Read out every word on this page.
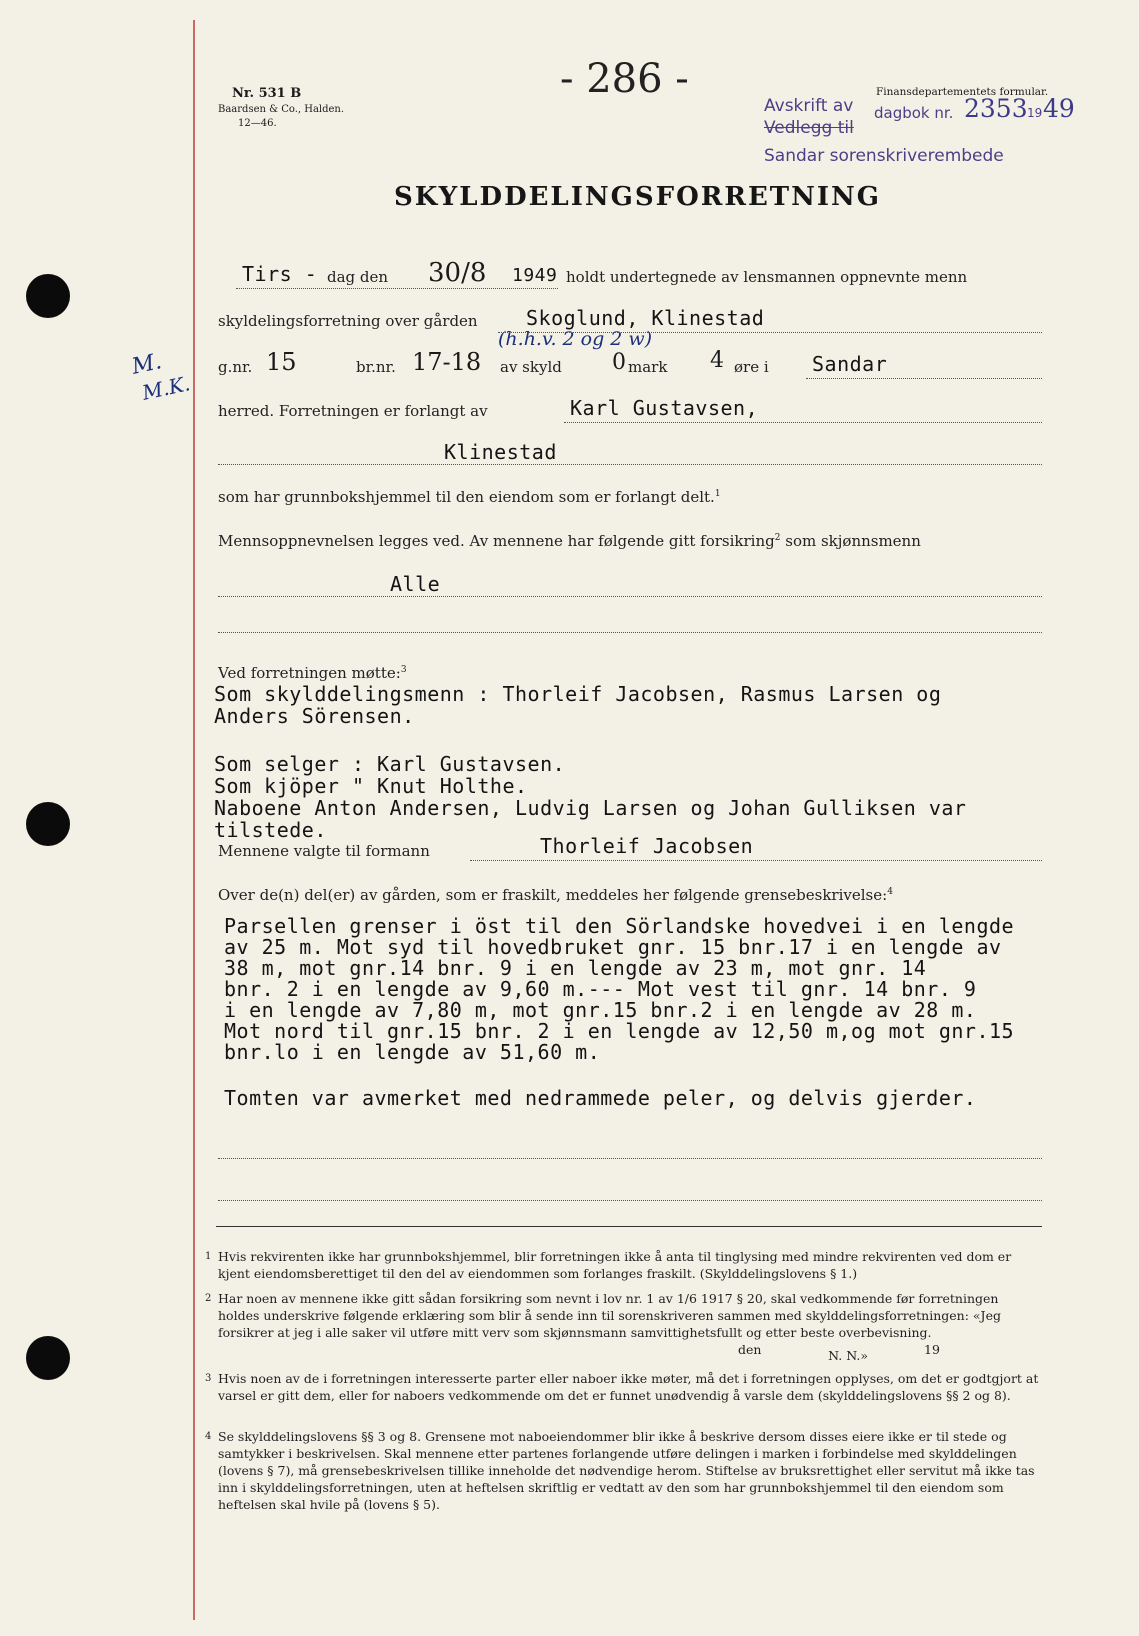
M.
M.K.
Nr. 531 B
Baardsen & Co., Halden.
12—46.
- 286 -	Finansdepartementets formular.
Avskrift av dagbok nr. 2353 19 49
Vedlegg til
Sandar sorenskriverembede
SKYLDDELINGSFORRETNING
Tirs - dag den 30/8 1949 holdt undertegnede av lensmannen oppnevnte menn
skyldelingsforretning over gården Skoglund, Klinestad
(h.h.v. 2 og 2 w)
g.nr. 15	br.nr. 17-18 av skyld 0 mark 4 øre i Sandar
herred. Forretningen er forlangt av	Karl Gustavsen,
Klinestad
som har grunnbokshjemmel til den eiendom som er forlangt delt.$^1$
Mennsoppnevnelsen legges ved. Av mennene har følgende gitt forsikring$^2$ som skjønnsmenn
Alle
Ved forretningen møtte:$^3$
Som skylddelingsmenn : Thorleif Jacobsen, Rasmus Larsen og
Anders Sörensen.
Som selger : Karl Gustavsen.
Som kjöper " Knut Holthe.
Naboene Anton Andersen, Ludvig Larsen og Johan Gulliksen var
tilstede.
Mennene valgte til formann	Thorleif Jacobsen
Over de(n) del(er) av gården, som er fraskilt, meddeles her følgende grensebeskrivelse:$^4$
Parsellen grenser i öst til den Sörlandske hovedvei i en lengde
av 25 m. Mot syd til hovedbruket gnr. 15 bnr.17 i en lengde av
38 m, mot gnr.14 bnr. 9 i en lengde av 23 m, mot gnr. 14
bnr. 2 i en lengde av 9,60 m.--- Mot vest til gnr. 14 bnr. 9
i en lengde av 7,80 m, mot gnr.15 bnr.2 i en lengde av 28 m.
Mot nord til gnr.15 bnr. 2 i en lengde av 12,50 m,og mot gnr.15
bnr.lo i en lengde av 51,60 m.
Tomten var avmerket med nedrammede peler, og delvis gjerder.
1 Hvis rekvirenten ikke har grunnbokshjemmel, blir forretningen ikke å anta til tinglysing med mindre rekvirenten ved dom er kjent eiendomsberettiget til den del av eiendommen som forlanges fraskilt. (Skylddelingslovens § 1.)
2 Har noen av mennene ikke gitt sådan forsikring som nevnt i lov nr. 1 av 1/6 1917 § 20, skal vedkommende før forretningen holdes underskrive følgende erklæring som blir å sende inn til sorenskriveren sammen med skylddelingsforretningen: «Jeg forsikrer at jeg i alle saker vil utføre mitt verv som skjønnsmann samvittighetsfullt og etter beste overbevisning.
den	19
N. N.»
3 Hvis noen av de i forretningen interesserte parter eller naboer ikke møter, må det i forretningen opplyses, om det er godtgjort at varsel er gitt dem, eller for naboers vedkommende om det er funnet unødvendig å varsle dem (skylddelingslovens §§ 2 og 8).
4 Se skylddelingslovens §§ 3 og 8. Grensene mot naboeiendommer blir ikke å beskrive dersom disses eiere ikke er til stede og samtykker i beskrivelsen. Skal mennene etter partenes forlangende utføre delingen i marken i forbindelse med skylddelingen (lovens § 7), må grensebeskrivelsen tillike inneholde det nødvendige herom. Stiftelse av bruksrettighet eller servitut må ikke tas inn i skylddelingsforretningen, uten at heftelsen skriftlig er vedtatt av den som har grunnbokshjemmel til den eiendom som heftelsen skal hvile på (lovens § 5).
